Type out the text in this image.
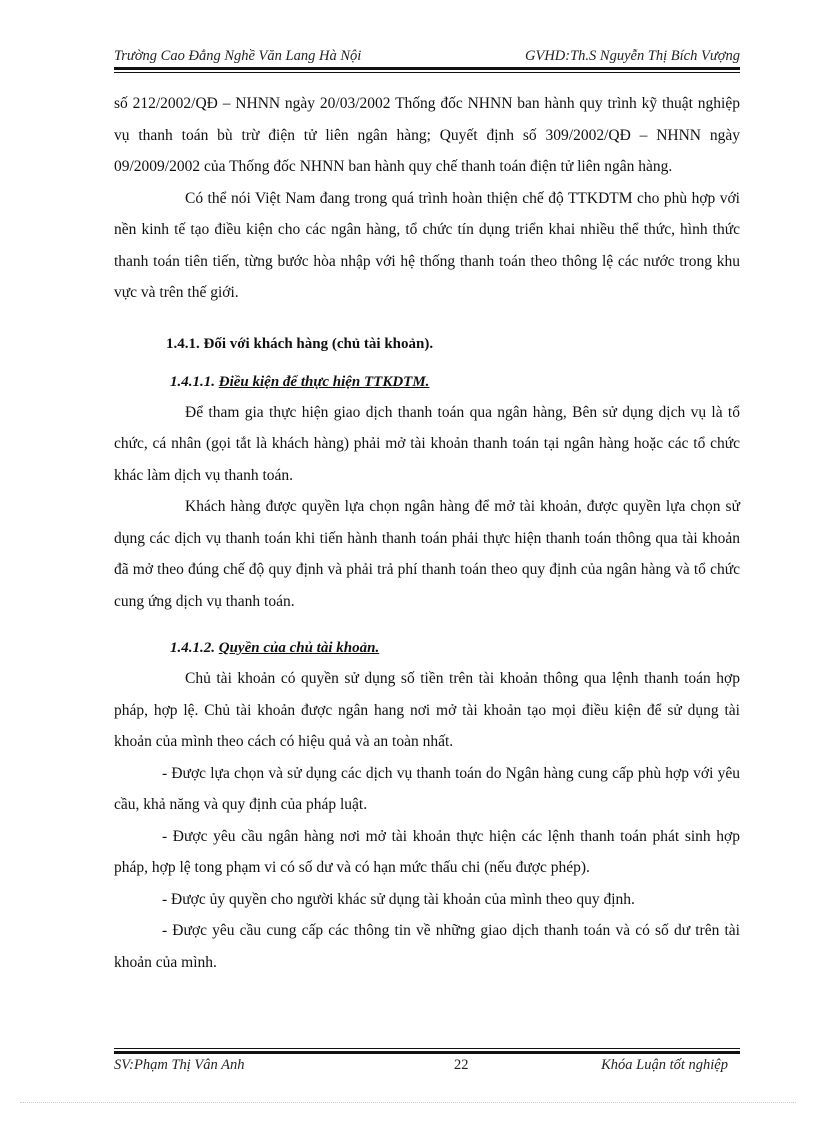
Trường Cao Đẳng Nghề Văn Lang Hà Nội	GVHD:Th.S Nguyễn Thị Bích Vượng

số 212/2002/QĐ – NHNN ngày 20/03/2002 Thống đốc NHNN ban hành quy trình kỹ thuật nghiệp vụ thanh toán bù trừ điện tử liên ngân hàng; Quyết định số 309/2002/QĐ – NHNN ngày 09/2009/2002 của Thống đốc NHNN ban hành quy chế thanh toán điện tử liên ngân hàng.

Có thể nói Việt Nam đang trong quá trình hoàn thiện chế độ TTKDTM cho phù hợp với nền kinh tế tạo điều kiện cho các ngân hàng, tổ chức tín dụng triển khai nhiều thể thức, hình thức thanh toán tiên tiến, từng bước hòa nhập với hệ thống thanh toán theo thông lệ các nước trong khu vực và trên thế giới.

1.4.1. Đối với khách hàng (chủ tài khoản).
1.4.1.1. Điều kiện để thực hiện TTKDTM.

Để tham gia thực hiện giao dịch thanh toán qua ngân hàng, Bên sử dụng dịch vụ là tổ chức, cá nhân (gọi tắt là khách hàng) phải mở tài khoản thanh toán tại ngân hàng hoặc các tổ chức khác làm dịch vụ thanh toán.

Khách hàng được quyền lựa chọn ngân hàng để mở tài khoản, được quyền lựa chọn sử dụng các dịch vụ thanh toán khi tiến hành thanh toán phải thực hiện thanh toán thông qua tài khoản đã mở theo đúng chế độ quy định và phải trả phí thanh toán theo quy định của ngân hàng và tổ chức cung ứng dịch vụ thanh toán.

1.4.1.2. Quyền của chủ tài khoản.

Chủ tài khoản có quyền sử dụng số tiền trên tài khoản thông qua lệnh thanh toán hợp pháp, hợp lệ. Chủ tài khoản được ngân hang nơi mở tài khoản tạo mọi điều kiện để sử dụng tài khoản của mình theo cách có hiệu quả và an toàn nhất.

- Được lựa chọn và sử dụng các dịch vụ thanh toán do Ngân hàng cung cấp phù hợp với yêu cầu, khả năng và quy định của pháp luật.

- Được yêu cầu ngân hàng nơi mở tài khoản thực hiện các lệnh thanh toán phát sinh hợp pháp, hợp lệ tong phạm vi có số dư và có hạn mức thấu chi (nếu được phép).

- Được ủy quyền cho người khác sử dụng tài khoản của mình theo quy định.

- Được yêu cầu cung cấp các thông tin về những giao dịch thanh toán và có số dư trên tài khoản của mình.

SV:Phạm Thị Vân Anh	22	Khóa Luận tốt nghiệp
